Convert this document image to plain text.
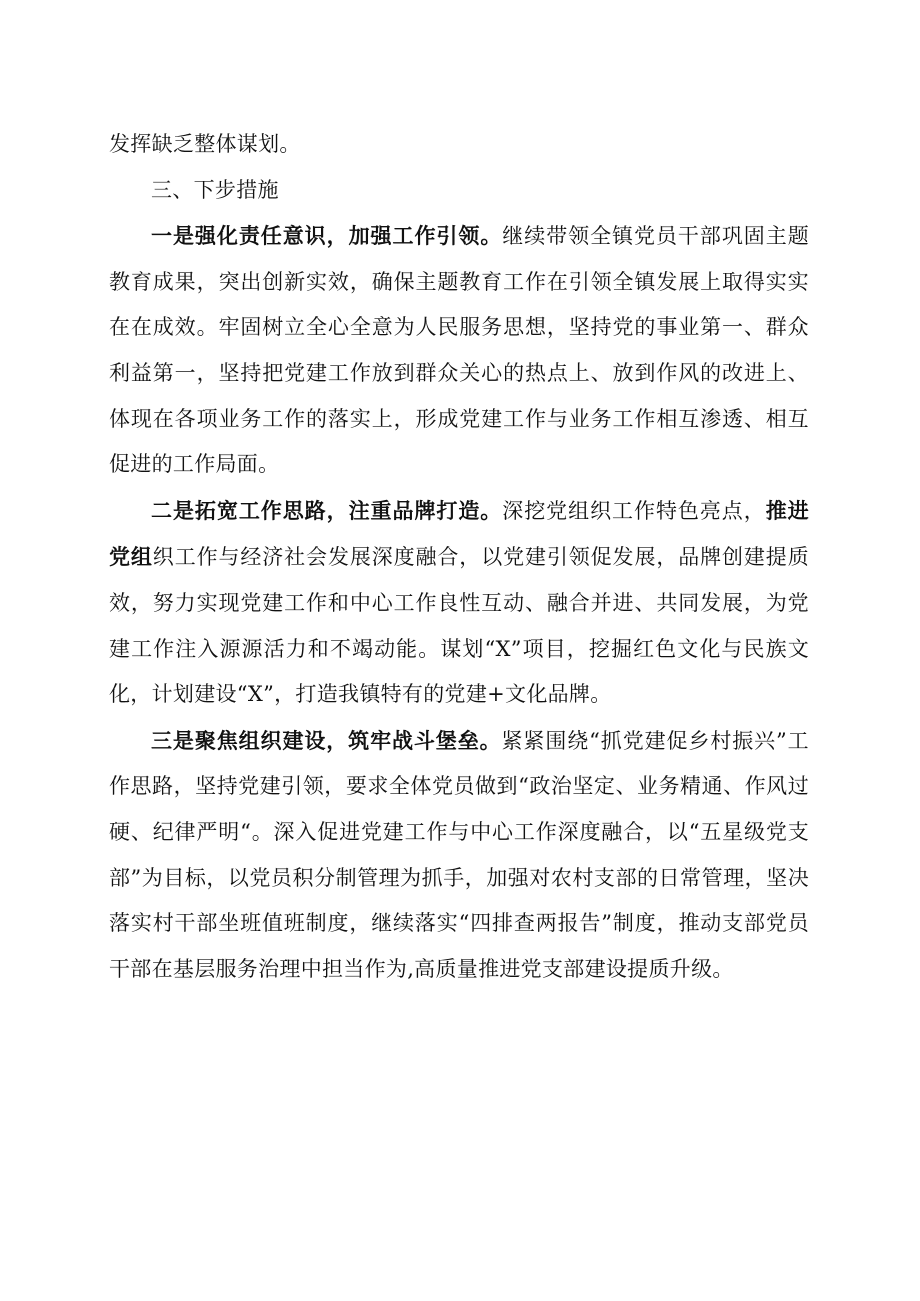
发挥缺乏整体谋划。

三、下步措施

一是强化责任意识，加强工作引领。继续带领全镇党员干部巩固主题教育成果，突出创新实效，确保主题教育工作在引领全镇发展上取得实实在在成效。牢固树立全心全意为人民服务思想，坚持党的事业第一、群众利益第一，坚持把党建工作放到群众关心的热点上、放到作风的改进上、体现在各项业务工作的落实上，形成党建工作与业务工作相互渗透、相互促进的工作局面。

二是拓宽工作思路，注重品牌打造。深挖党组织工作特色亮点，推进党组织工作与经济社会发展深度融合，以党建引领促发展，品牌创建提质效，努力实现党建工作和中心工作良性互动、融合并进、共同发展，为党建工作注入源源活力和不竭动能。谋划“X”项目，挖掘红色文化与民族文化，计划建设“X”，打造我镇特有的党建+文化品牌。

三是聚焦组织建设，筑牢战斗堡垒。紧紧围绕“抓党建促乡村振兴”工作思路，坚持党建引领，要求全体党员做到“政治坚定、业务精通、作风过硬、纪律严明“。深入促进党建工作与中心工作深度融合，以“五星级党支部”为目标，以党员积分制管理为抓手，加强对农村支部的日常管理，坚决落实村干部坐班值班制度，继续落实“四排查两报告”制度，推动支部党员干部在基层服务治理中担当作为,高质量推进党支部建设提质升级。
